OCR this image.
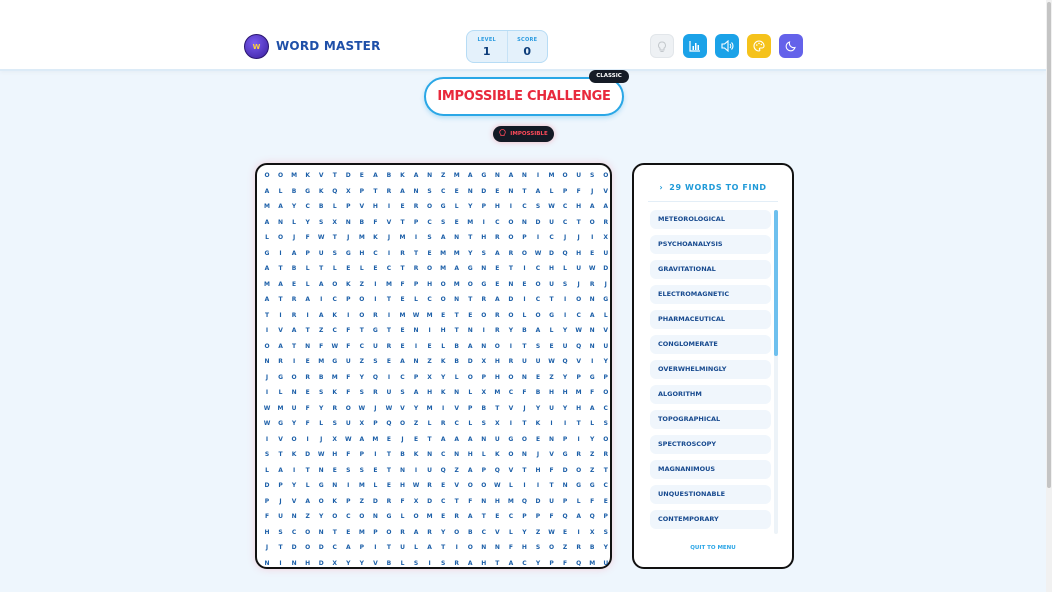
W	WORD MASTER	LEVEL
1
SCORE
0
IMPOSSIBLE CHALLENGE
CLASSIC
IMPOSSIBLE
O	O	M	K	V	T	D	E	A	B	K	A	N	Z	M	A	G	N	A	N	I	M	O	U	S	O
A	L	B	G	K	Q	X	P	T	R	A	N	S	C	E	N	D	E	N	T	A	L	P	F	J	V
M	A	Y	C	B	L	P	V	H	I	E	R	O	G	L	Y	P	H	I	C	S	W	C	H	A	A
A	N	L	Y	S	X	N	B	F	V	T	P	C	S	E	M	I	C	O	N	D	U	C	T	O	R
L	O	J	F	W	T	J	M	K	J	M	I	S	A	N	T	H	R	O	P	I	C	J	J	I	X
G	I	A	P	U	S	G	H	C	I	R	T	E	M	M	Y	S	A	R	O	W	D	Q	H	E	U
A	T	B	L	T	L	E	L	E	C	T	R	O	M	A	G	N	E	T	I	C	H	L	U	W	D
M	A	E	L	A	O	K	Z	I	M	F	P	H	O	M	O	G	E	N	E	O	U	S	J	R	J
A	T	R	A	I	C	P	O	I	T	E	L	C	O	N	T	R	A	D	I	C	T	I	O	N	G
T	I	R	I	A	K	I	O	R	I	M	W	M	E	T	E	O	R	O	L	O	G	I	C	A	L
I	V	A	T	Z	C	F	T	G	T	E	N	I	H	T	N	I	R	Y	B	A	L	Y	W	N	V
O	A	T	N	F	W	F	C	U	R	E	I	E	L	B	A	N	O	I	T	S	E	U	Q	N	U
N	R	I	E	M	G	U	Z	S	E	A	N	Z	K	B	D	X	H	R	U	U	W	Q	V	I	Y
J	G	O	R	B	M	F	Y	Q	I	C	P	X	Y	L	O	P	H	O	N	E	Z	Y	P	G	P
I	L	N	E	S	K	F	S	R	U	S	A	H	K	N	L	X	M	C	F	B	H	H	M	F	O
W	M	U	F	Y	R	O	W	J	W	V	Y	M	I	V	P	B	T	V	J	Y	U	Y	H	A	C
W	G	Y	F	L	S	U	X	P	Q	O	Z	L	R	C	L	S	X	I	T	K	I	I	T	L	S
I	V	O	I	J	X	W	A	M	E	J	E	T	A	A	A	N	U	G	O	E	N	P	I	Y	O
S	T	K	D	W	H	F	P	I	T	B	K	N	C	N	H	L	K	O	N	J	V	G	R	Z	R
L	A	I	T	N	E	S	S	E	T	N	I	U	Q	Z	A	P	Q	V	T	H	F	D	O	Z	T
D	P	Y	L	G	N	I	M	L	E	H	W	R	E	V	O	O	W	L	I	I	T	N	G	G	C
P	J	V	A	O	K	P	Z	D	R	F	X	D	C	T	F	N	H	M	Q	D	U	P	L	F	E
F	U	N	Z	Y	O	C	O	N	G	L	O	M	E	R	A	T	E	C	P	P	F	Q	A	Q	P
H	S	C	O	N	T	E	M	P	O	R	A	R	Y	O	B	C	V	L	Y	Z	W	E	I	X	S
J	T	D	O	D	C	A	P	I	T	U	L	A	T	I	O	N	N	F	H	S	O	Z	R	B	Y
N	I	N	H	D	X	Y	Y	V	B	L	S	I	S	R	A	H	T	A	C	Y	P	F	Q	M	U
› 29 WORDS TO FIND
METEOROLOGICAL
PSYCHOANALYSIS
GRAVITATIONAL
ELECTROMAGNETIC
PHARMACEUTICAL
CONGLOMERATE
OVERWHELMINGLY
ALGORITHM
TOPOGRAPHICAL
SPECTROSCOPY
MAGNANIMOUS
UNQUESTIONABLE
CONTEMPORARY
QUIT TO MENU
